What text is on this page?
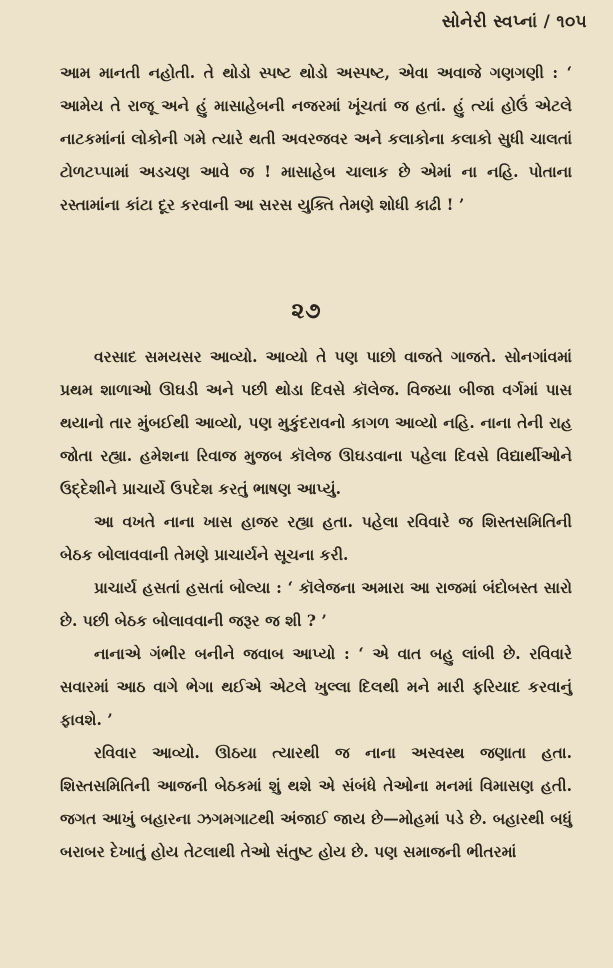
સોનેરી સ્વપ્નાં / ૧૦૫

આમ માનતી નહોતી. તે થોડો સ્પષ્ટ થોડો અસ્પષ્ટ, એવા અવાજે ગણગણી : ‘ આમેય તે રાજૂ અને હું માસાહેબની નજરમાં ખૂંચતાં જ હતાં. હું ત્યાં હોઉં એટલે નાટકમાંનાં લોકોની ગમે ત્યારે થતી અવરજવર અને કલાકોના કલાકો સુધી ચાલતાં ટોળટપ્પામાં અડચણ આવે જ ! માસાહેબ ચાલાક છે એમાં ના નહિ. પોતાના રસ્તામાંના કાંટા દૂર કરવાની આ સરસ યુક્તિ તેમણે શોધી કાઢી ! ’

૨૭

વરસાદ સમયસર આવ્યો. આવ્યો તે પણ પાછો વાજતે ગાજતે. સોનગાંવમાં પ્રથમ શાળાઓ ઊઘડી અને પછી થોડા દિવસે કૉલેજ. વિજયા બીજા વર્ગમાં પાસ થયાનો તાર મુંબઈથી આવ્યો, પણ મુકુંદરાવનો કાગળ આવ્યો નહિ. નાના તેની રાહ જોતા રહ્યા. હમેશના રિવાજ મુજબ કૉલેજ ઊઘડવાના પહેલા દિવસે વિદ્યાર્થીઓને ઉદ્દેશીને પ્રાચાર્યે ઉપદેશ કરતું ભાષણ આપ્યું.

આ વખતે નાના ખાસ હાજર રહ્યા હતા. પહેલા રવિવારે જ શિસ્તસમિતિની બેઠક બોલાવવાની તેમણે પ્રાચાર્યને સૂચના કરી.

પ્રાચાર્ય હસતાં હસતાં બોલ્યા : ‘ કૉલેજના અમારા આ રાજમાં બંદોબસ્ત સારો છે. પછી બેઠક બોલાવવાની જરૂર જ શી ? ’

નાનાએ ગંભીર બનીને જવાબ આપ્યો : ‘ એ વાત બહુ લાંબી છે. રવિવારે સવારમાં આઠ વાગે ભેગા થઈએ એટલે ખુલ્લા દિલથી મને મારી ફરિયાદ કરવાનું ફાવશે. ’

રવિવાર આવ્યો. ઊઠયા ત્યારથી જ નાના અસ્વસ્થ જણાતા હતા. શિસ્તસમિતિની આજની બેઠકમાં શું થશે એ સંબંધે તેઓના મનમાં વિમાસણ હતી. જગત આખું બહારના ઝગમગાટથી અંજાઈ જાય છે—મોહમાં પડે છે. બહારથી બધું બરાબર દેખાતું હોય તેટલાથી તેઓ સંતુષ્ટ હોય છે. પણ સમાજની ભીતરમાં
